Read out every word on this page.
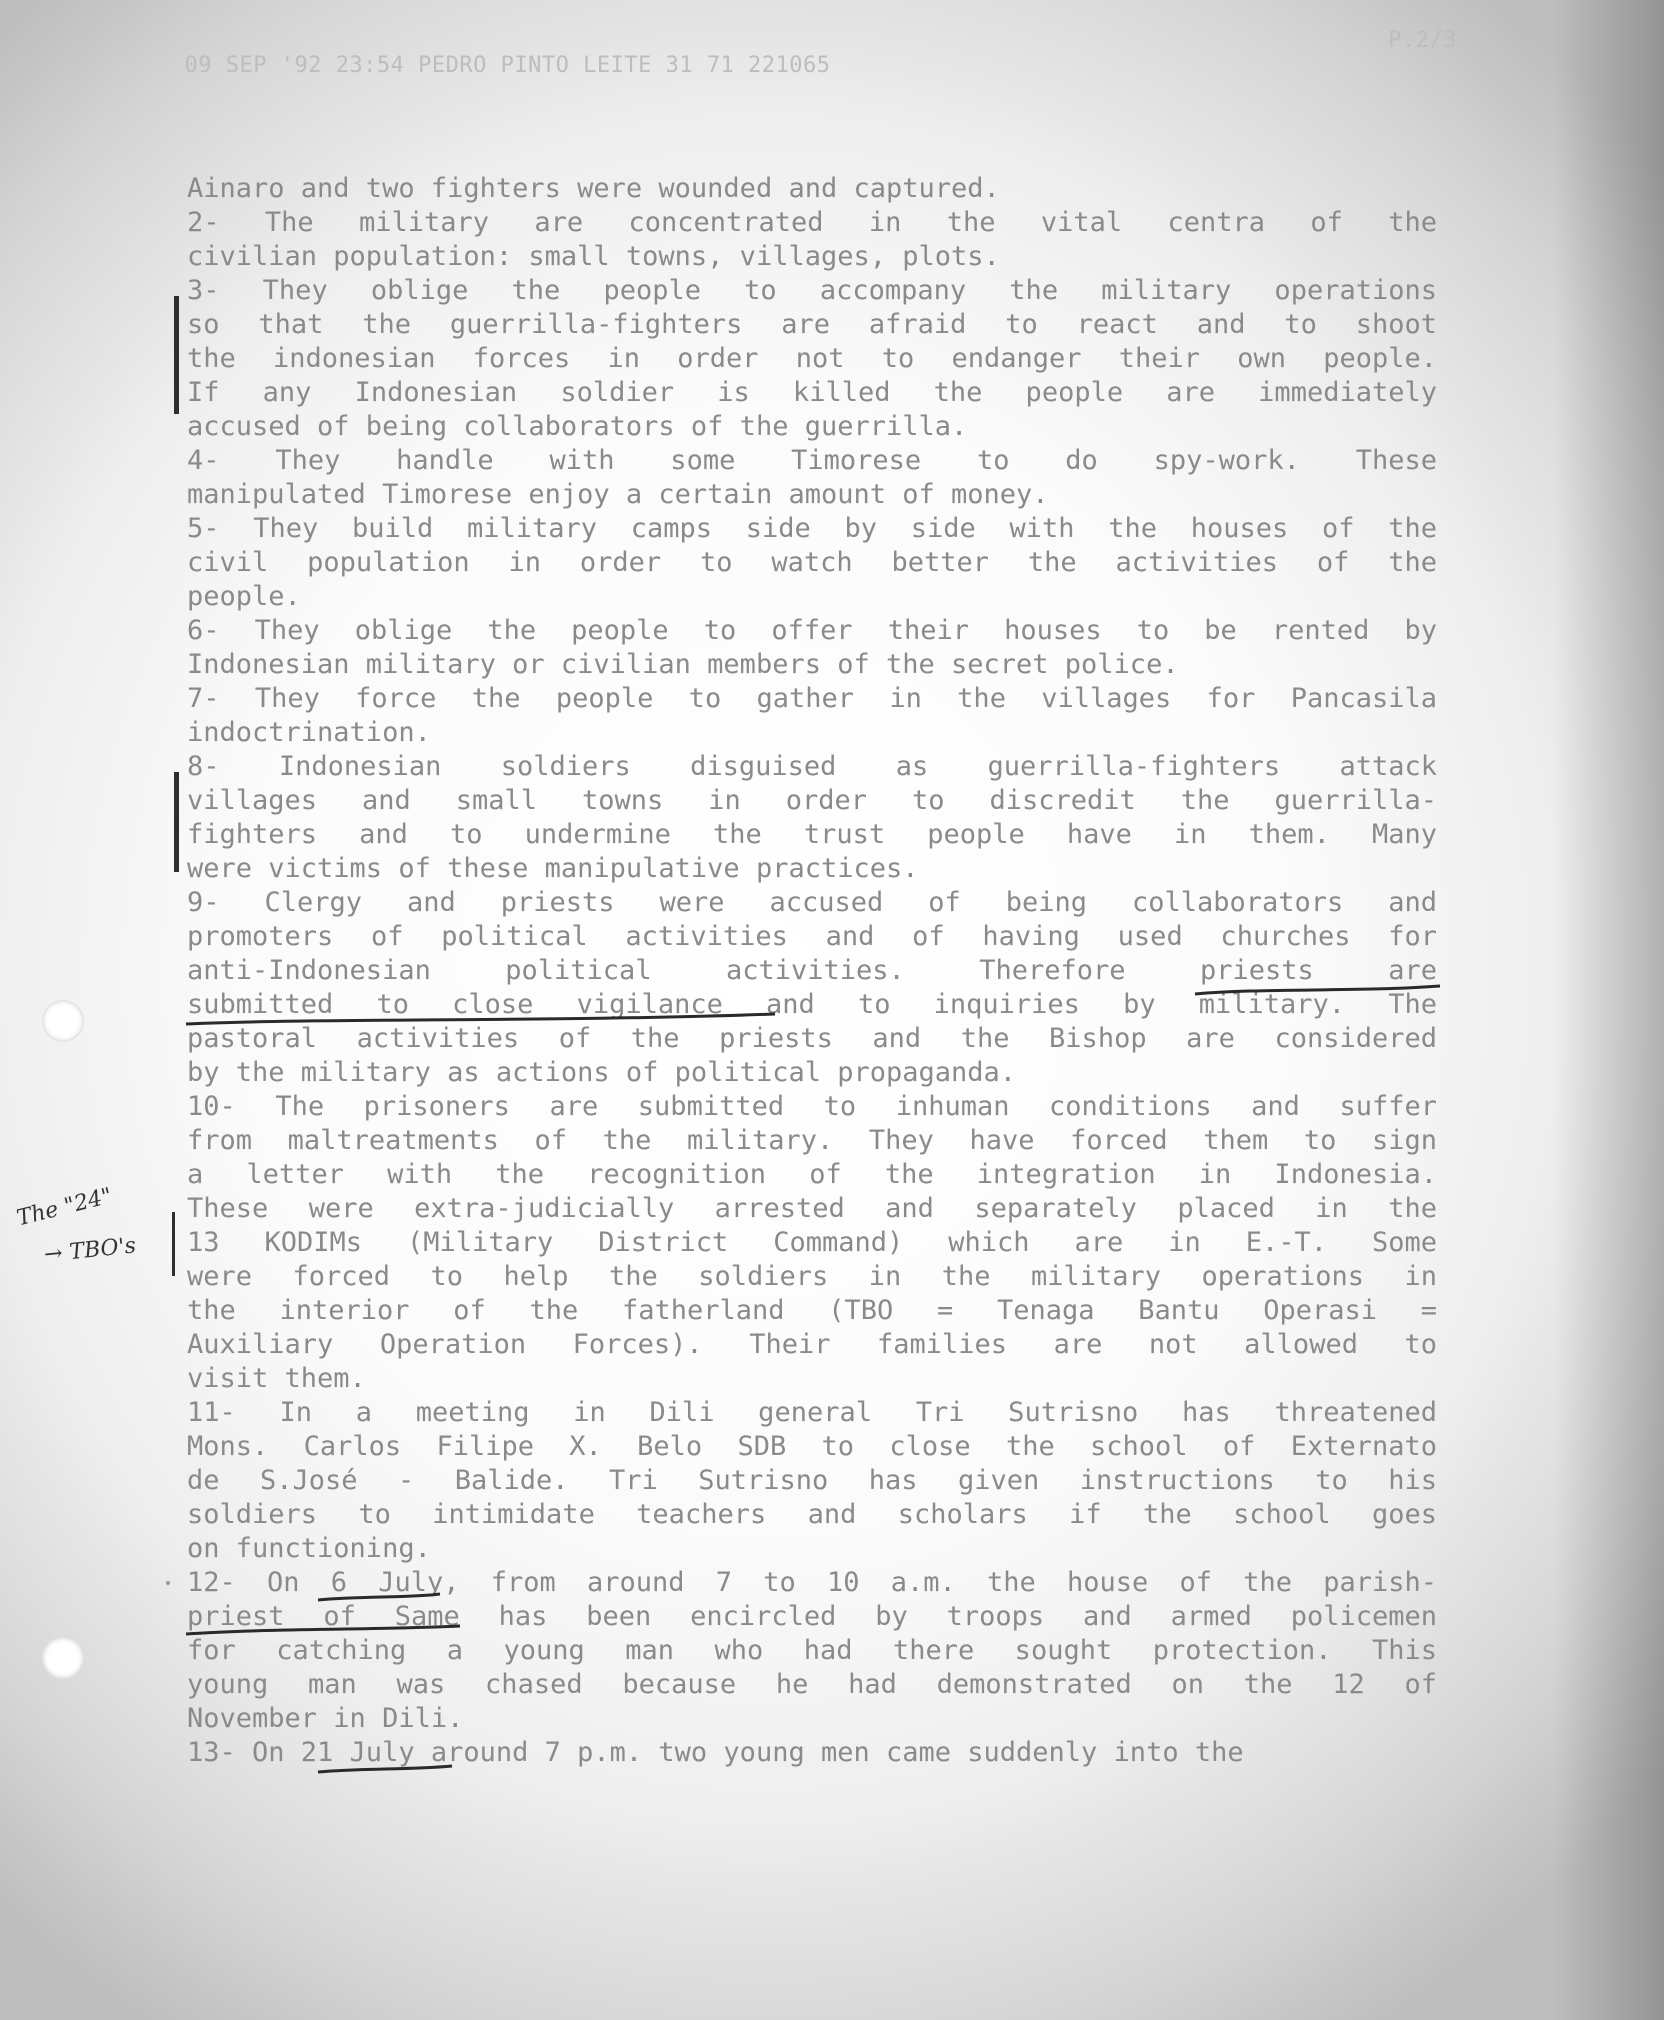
09 SEP '92 23:54 PEDRO PINTO LEITE 31 71 221065

P.2/3

Ainaro and two fighters were wounded and captured.
2- The military are concentrated in the vital centra of the
civilian population: small towns, villages, plots.
3- They oblige the people to accompany the military operations
so that the guerrilla-fighters are afraid to react and to shoot
the indonesian forces in order not to endanger their own people.
If any Indonesian soldier is killed the people are immediately
accused of being collaborators of the guerrilla.
4- They handle with some Timorese to do spy-work. These
manipulated Timorese enjoy a certain amount of money.
5- They build military camps side by side with the houses of the
civil population in order to watch better the activities of the
people.
6- They oblige the people to offer their houses to be rented by
Indonesian military or civilian members of the secret police.
7- They force the people to gather in the villages for Pancasila
indoctrination.
8- Indonesian soldiers disguised as guerrilla-fighters attack
villages and small towns in order to discredit the guerrilla-
fighters and to undermine the trust people have in them. Many
were victims of these manipulative practices.
9- Clergy and priests were accused of being collaborators and
promoters of political activities and of having used churches for
anti-Indonesian political activities. Therefore priests are
submitted to close vigilance and to inquiries by military. The
pastoral activities of the priests and the Bishop are considered
by the military as actions of political propaganda.
10- The prisoners are submitted to inhuman conditions and suffer
from maltreatments of the military. They have forced them to sign
a letter with the recognition of the integration in Indonesia.
These were extra-judicially arrested and separately placed in the
13 KODIMs (Military District Command) which are in E.-T. Some
were forced to help the soldiers in the military operations in
the interior of the fatherland (TBO = Tenaga Bantu Operasi =
Auxiliary Operation Forces). Their families are not allowed to
visit them.
11- In a meeting in Dili general Tri Sutrisno has threatened
Mons. Carlos Filipe X. Belo SDB to close the school of Externato
de S.José - Balide. Tri Sutrisno has given instructions to his
soldiers to intimidate teachers and scholars if the school goes
on functioning.
12- On 6 July, from around 7 to 10 a.m. the house of the parish-
priest of Same has been encircled by troops and armed policemen
for catching a young man who had there sought protection. This
young man was chased because he had demonstrated on the 12 of
November in Dili.
13- On 21 July around 7 p.m. two young men came suddenly into the
The "24"
→ TBO's
